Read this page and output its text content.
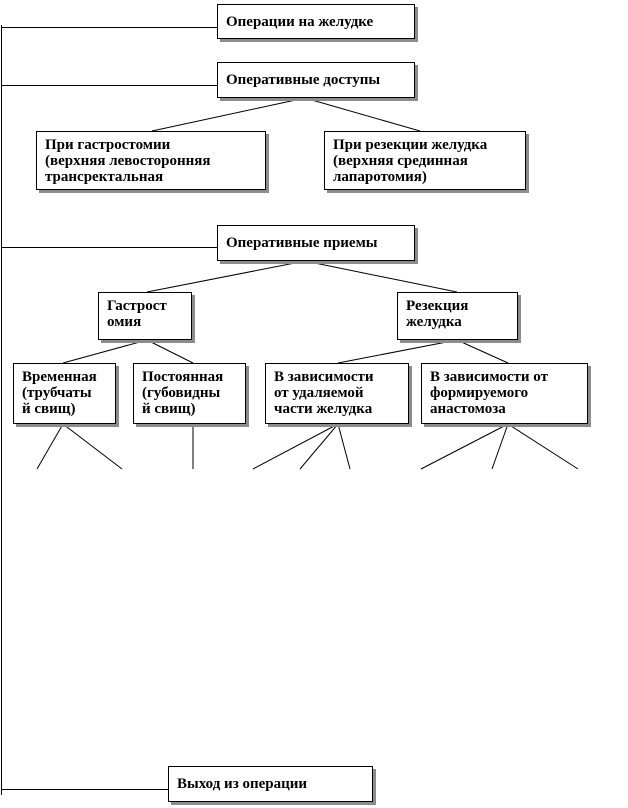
Операции на желудке
Оперативные доступы
При гастростомии
(верхняя левосторонняя
трансректальная
При резекции желудка
(верхняя срединная
лапаротомия)
Оперативные приемы
Гастрост
омия
Резекция
желудка
Временная
(трубчаты
й свищ)
Постоянная
(губовидны
й свищ)
В зависимости
от удаляемой
части желудка
В зависимости от
формируемого
анастомоза
Выход из операции
